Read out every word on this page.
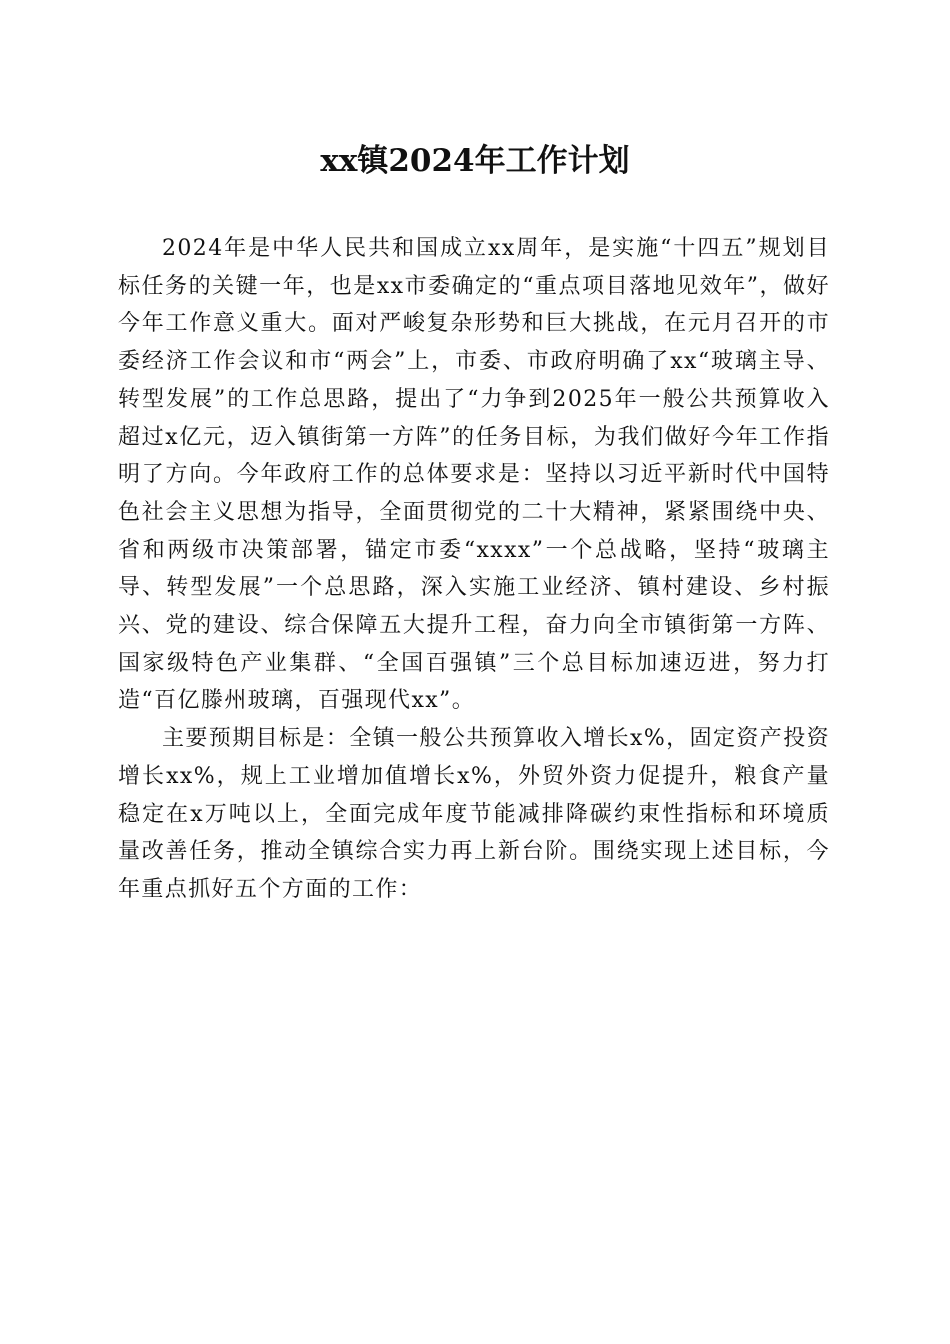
xx镇2024年工作计划

2024年是中华人民共和国成立xx周年，是实施“十四五”规划目标任务的关键一年，也是xx市委确定的“重点项目落地见效年”，做好今年工作意义重大。面对严峻复杂形势和巨大挑战，在元月召开的市委经济工作会议和市“两会”上，市委、市政府明确了xx“玻璃主导、转型发展”的工作总思路，提出了“力争到2025年一般公共预算收入超过x亿元，迈入镇街第一方阵”的任务目标，为我们做好今年工作指明了方向。今年政府工作的总体要求是：坚持以习近平新时代中国特色社会主义思想为指导，全面贯彻党的二十大精神，紧紧围绕中央、省和两级市决策部署，锚定市委“xxxx”一个总战略，坚持“玻璃主导、转型发展”一个总思路，深入实施工业经济、镇村建设、乡村振兴、党的建设、综合保障五大提升工程，奋力向全市镇街第一方阵、国家级特色产业集群、“全国百强镇”三个总目标加速迈进，努力打造“百亿滕州玻璃，百强现代xx”。

主要预期目标是：全镇一般公共预算收入增长x%，固定资产投资增长xx%，规上工业增加值增长x%，外贸外资力促提升，粮食产量稳定在x万吨以上，全面完成年度节能减排降碳约束性指标和环境质量改善任务，推动全镇综合实力再上新台阶。围绕实现上述目标，今年重点抓好五个方面的工作：
